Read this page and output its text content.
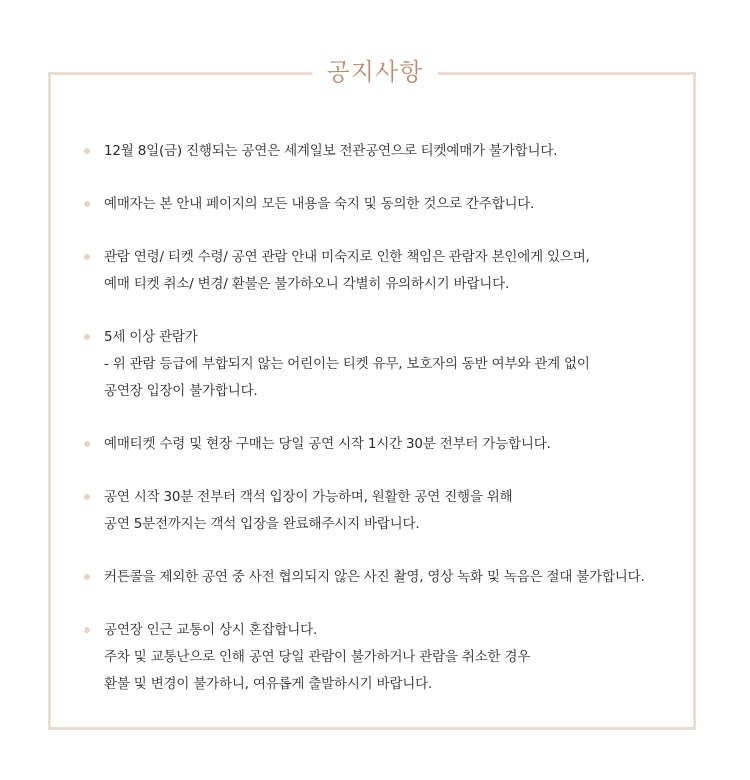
공지사항
12월 8일(금) 진행되는 공연은 세계일보 전관공연으로 티켓예매가 불가합니다.
예매자는 본 안내 페이지의 모든 내용을 숙지 및 동의한 것으로 간주합니다.
관람 연령/ 티켓 수령/ 공연 관람 안내 미숙지로 인한 책임은 관람자 본인에게 있으며,
예매 티켓 취소/ 변경/ 환불은 불가하오니 각별히 유의하시기 바랍니다.
5세 이상 관람가
- 위 관람 등급에 부합되지 않는 어린이는 티켓 유무, 보호자의 동반 여부와 관계 없이
공연장 입장이 불가합니다.
예매티켓 수령 및 현장 구매는 당일 공연 시작 1시간 30분 전부터 가능합니다.
공연 시작 30분 전부터 객석 입장이 가능하며, 원활한 공연 진행을 위해
공연 5분전까지는 객석 입장을 완료해주시지 바랍니다.
커튼콜을 제외한 공연 중 사전 협의되지 않은 사진 촬영, 영상 녹화 및 녹음은 절대 불가합니다.
공연장 인근 교통이 상시 혼잡합니다.
주차 및 교통난으로 인해 공연 당일 관람이 불가하거나 관람을 취소한 경우
환불 및 변경이 불가하니, 여유롭게 출발하시기 바랍니다.
